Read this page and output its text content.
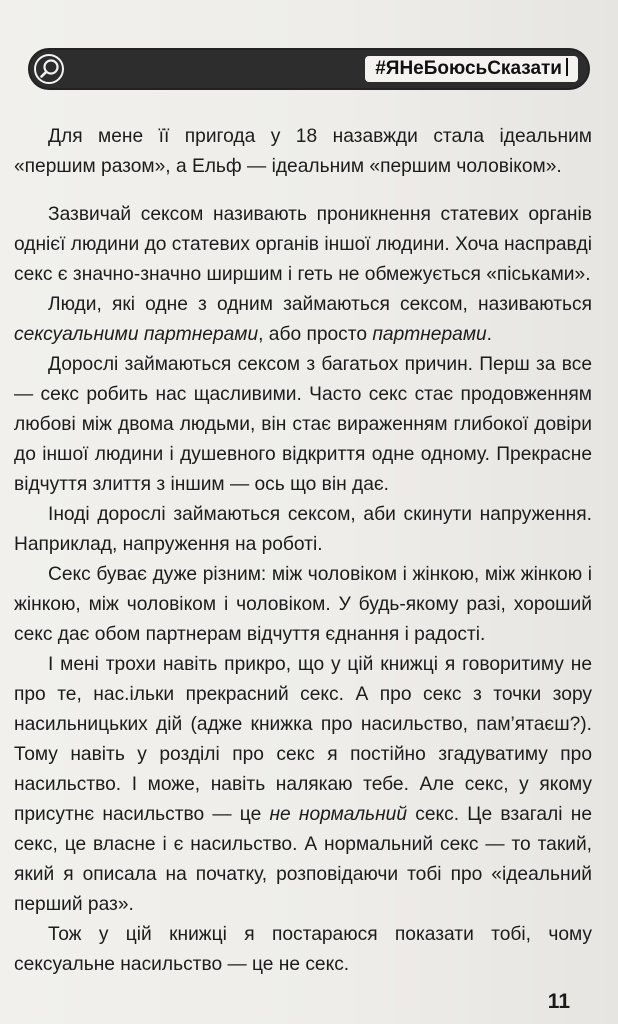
#ЯНеБоюсьСказати

Для мене її пригода у 18 назавжди стала ідеальним «першим разом», а Ельф — ідеальним «першим чоловіком».

Зазвичай сексом називають проникнення статевих органів однієї людини до статевих органів іншої людини. Хоча насправді секс є значно-значно ширшим і геть не обмежується «піськами».

Люди, які одне з одним займаються сексом, називаються сексуальними партнерами, або просто партнерами.

Дорослі займаються сексом з багатьох причин. Перш за все — секс робить нас щасливими. Часто секс стає продовженням любові між двома людьми, він стає вираженням глибокої довіри до іншої людини і душевного відкриття одне одному. Прекрасне відчуття злиття з іншим — ось що він дає.

Іноді дорослі займаються сексом, аби скинути напруження. Наприклад, напруження на роботі.

Секс буває дуже різним: між чоловіком і жінкою, між жінкою і жінкою, між чоловіком і чоловіком. У будь-якому разі, хороший секс дає обом партнерам відчуття єднання і радості.

І мені трохи навіть прикро, що у цій книжці я говоритиму не про те, нас.ільки прекрасний секс. А про секс з точки зору насильницьких дій (адже книжка про насильство, пам’ятаєш?). Тому навіть у розділі про секс я постійно згадуватиму про насильство. І може, навіть налякаю тебе. Але секс, у якому присутнє насильство — це не нормальний секс. Це взагалі не секс, це власне і є насильство. А нормальний секс — то такий, який я описала на початку, розповідаючи тобі про «ідеальний перший раз».

Тож у цій книжці я постараюся показати тобі, чому сексуальне насильство — це не секс.

11
